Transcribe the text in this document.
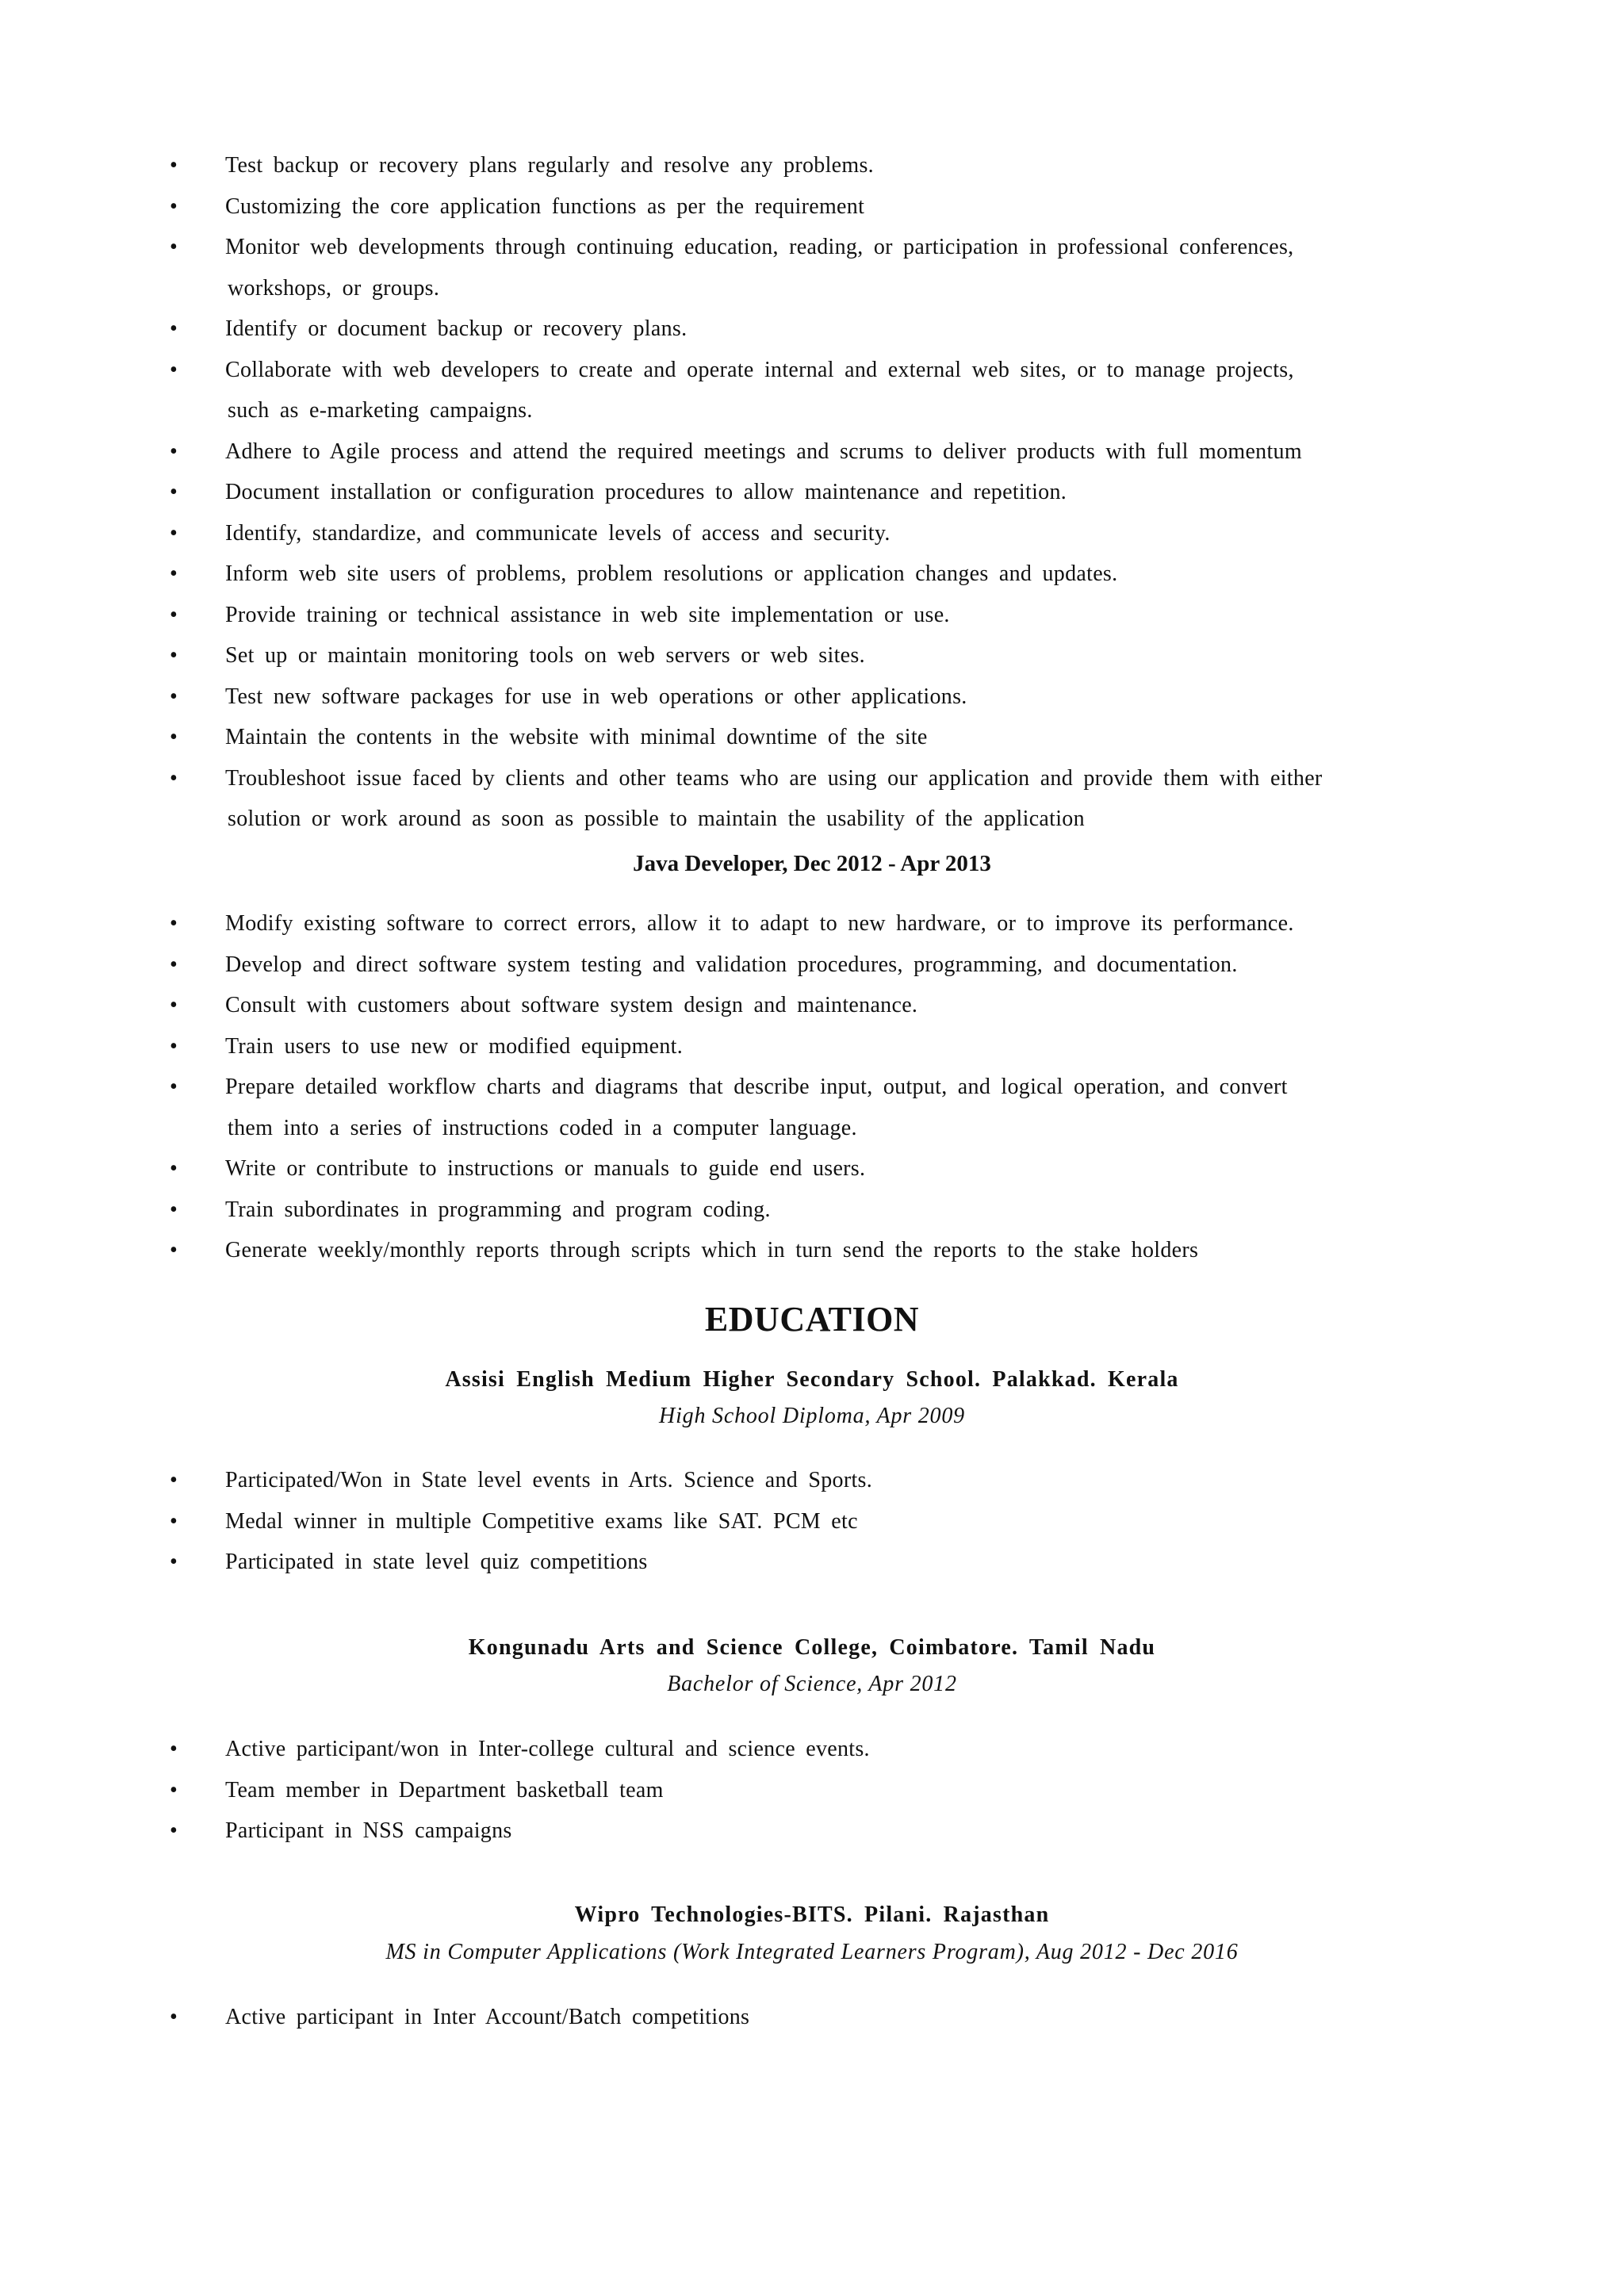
• Test backup or recovery plans regularly and resolve any problems.
• Customizing the core application functions as per the requirement
• Monitor web developments through continuing education, reading, or participation in professional conferences,
workshops, or groups.
• Identify or document backup or recovery plans.
• Collaborate with web developers to create and operate internal and external web sites, or to manage projects,
such as e-marketing campaigns.
• Adhere to Agile process and attend the required meetings and scrums to deliver products with full momentum
• Document installation or configuration procedures to allow maintenance and repetition.
• Identify, standardize, and communicate levels of access and security.
• Inform web site users of problems, problem resolutions or application changes and updates.
• Provide training or technical assistance in web site implementation or use.
• Set up or maintain monitoring tools on web servers or web sites.
• Test new software packages for use in web operations or other applications.
• Maintain the contents in the website with minimal downtime of the site
• Troubleshoot issue faced by clients and other teams who are using our application and provide them with either
solution or work around as soon as possible to maintain the usability of the application
Java Developer, Dec 2012 - Apr 2013
• Modify existing software to correct errors, allow it to adapt to new hardware, or to improve its performance.
• Develop and direct software system testing and validation procedures, programming, and documentation.
• Consult with customers about software system design and maintenance.
• Train users to use new or modified equipment.
• Prepare detailed workflow charts and diagrams that describe input, output, and logical operation, and convert
them into a series of instructions coded in a computer language.
• Write or contribute to instructions or manuals to guide end users.
• Train subordinates in programming and program coding.
• Generate weekly/monthly reports through scripts which in turn send the reports to the stake holders
EDUCATION
Assisi English Medium Higher Secondary School. Palakkad. Kerala
High School Diploma, Apr 2009
• Participated/Won in State level events in Arts. Science and Sports.
• Medal winner in multiple Competitive exams like SAT. PCM etc
• Participated in state level quiz competitions
Kongunadu Arts and Science College, Coimbatore. Tamil Nadu
Bachelor of Science, Apr 2012
• Active participant/won in Inter-college cultural and science events.
• Team member in Department basketball team
• Participant in NSS campaigns
Wipro Technologies-BITS. Pilani. Rajasthan
MS in Computer Applications (Work Integrated Learners Program), Aug 2012 - Dec 2016
• Active participant in Inter Account/Batch competitions
